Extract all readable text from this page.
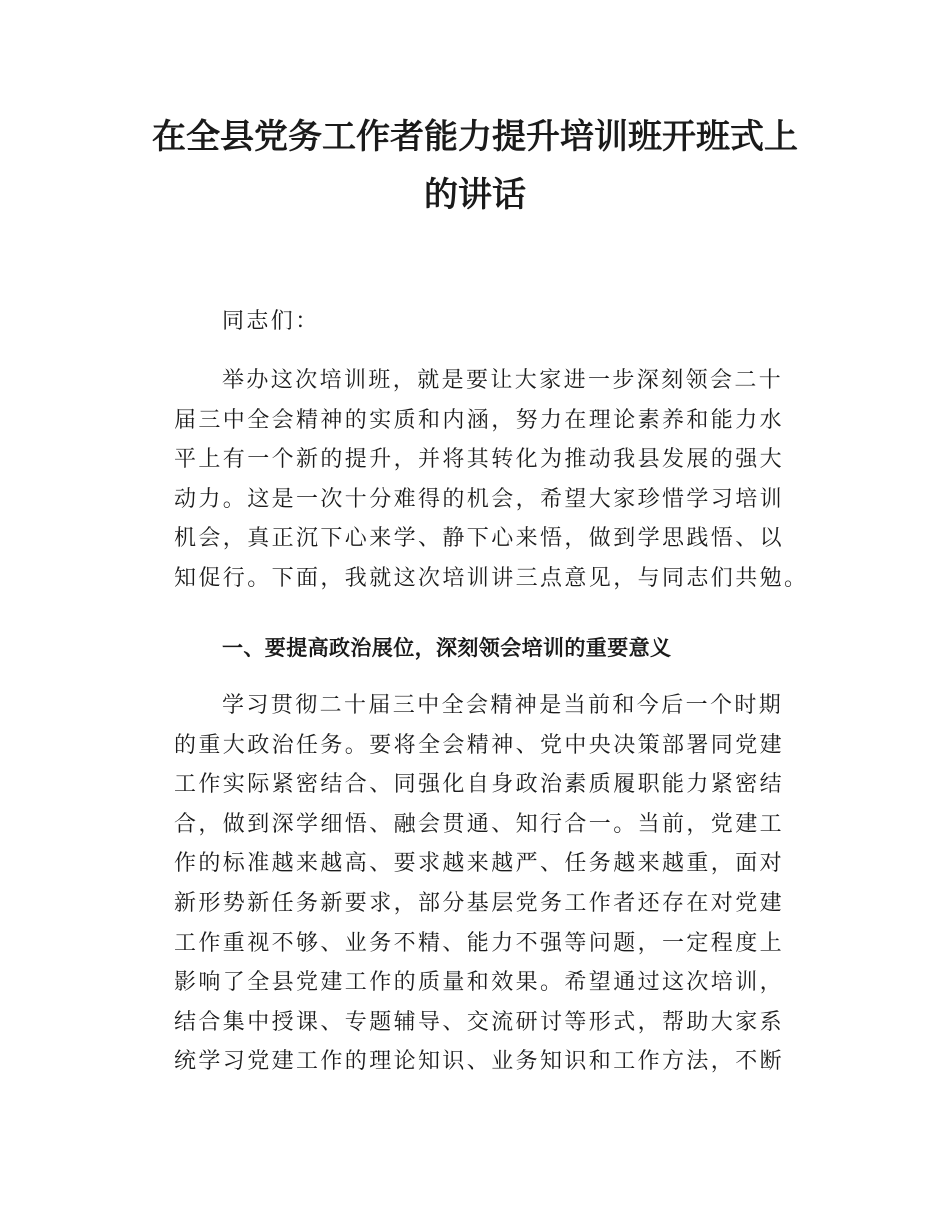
在全县党务工作者能力提升培训班开班式上
的讲话

同志们：

举办这次培训班，就是要让大家进一步深刻领会二十
届三中全会精神的实质和内涵，努力在理论素养和能力水
平上有一个新的提升，并将其转化为推动我县发展的强大
动力。这是一次十分难得的机会，希望大家珍惜学习培训
机会，真正沉下心来学、静下心来悟，做到学思践悟、以
知促行。下面，我就这次培训讲三点意见，与同志们共勉。

一、要提高政治展位，深刻领会培训的重要意义

学习贯彻二十届三中全会精神是当前和今后一个时期
的重大政治任务。要将全会精神、党中央决策部署同党建
工作实际紧密结合、同强化自身政治素质履职能力紧密结
合，做到深学细悟、融会贯通、知行合一。当前，党建工
作的标准越来越高、要求越来越严、任务越来越重，面对
新形势新任务新要求，部分基层党务工作者还存在对党建
工作重视不够、业务不精、能力不强等问题，一定程度上
影响了全县党建工作的质量和效果。希望通过这次培训，
结合集中授课、专题辅导、交流研讨等形式，帮助大家系
统学习党建工作的理论知识、业务知识和工作方法，不断
